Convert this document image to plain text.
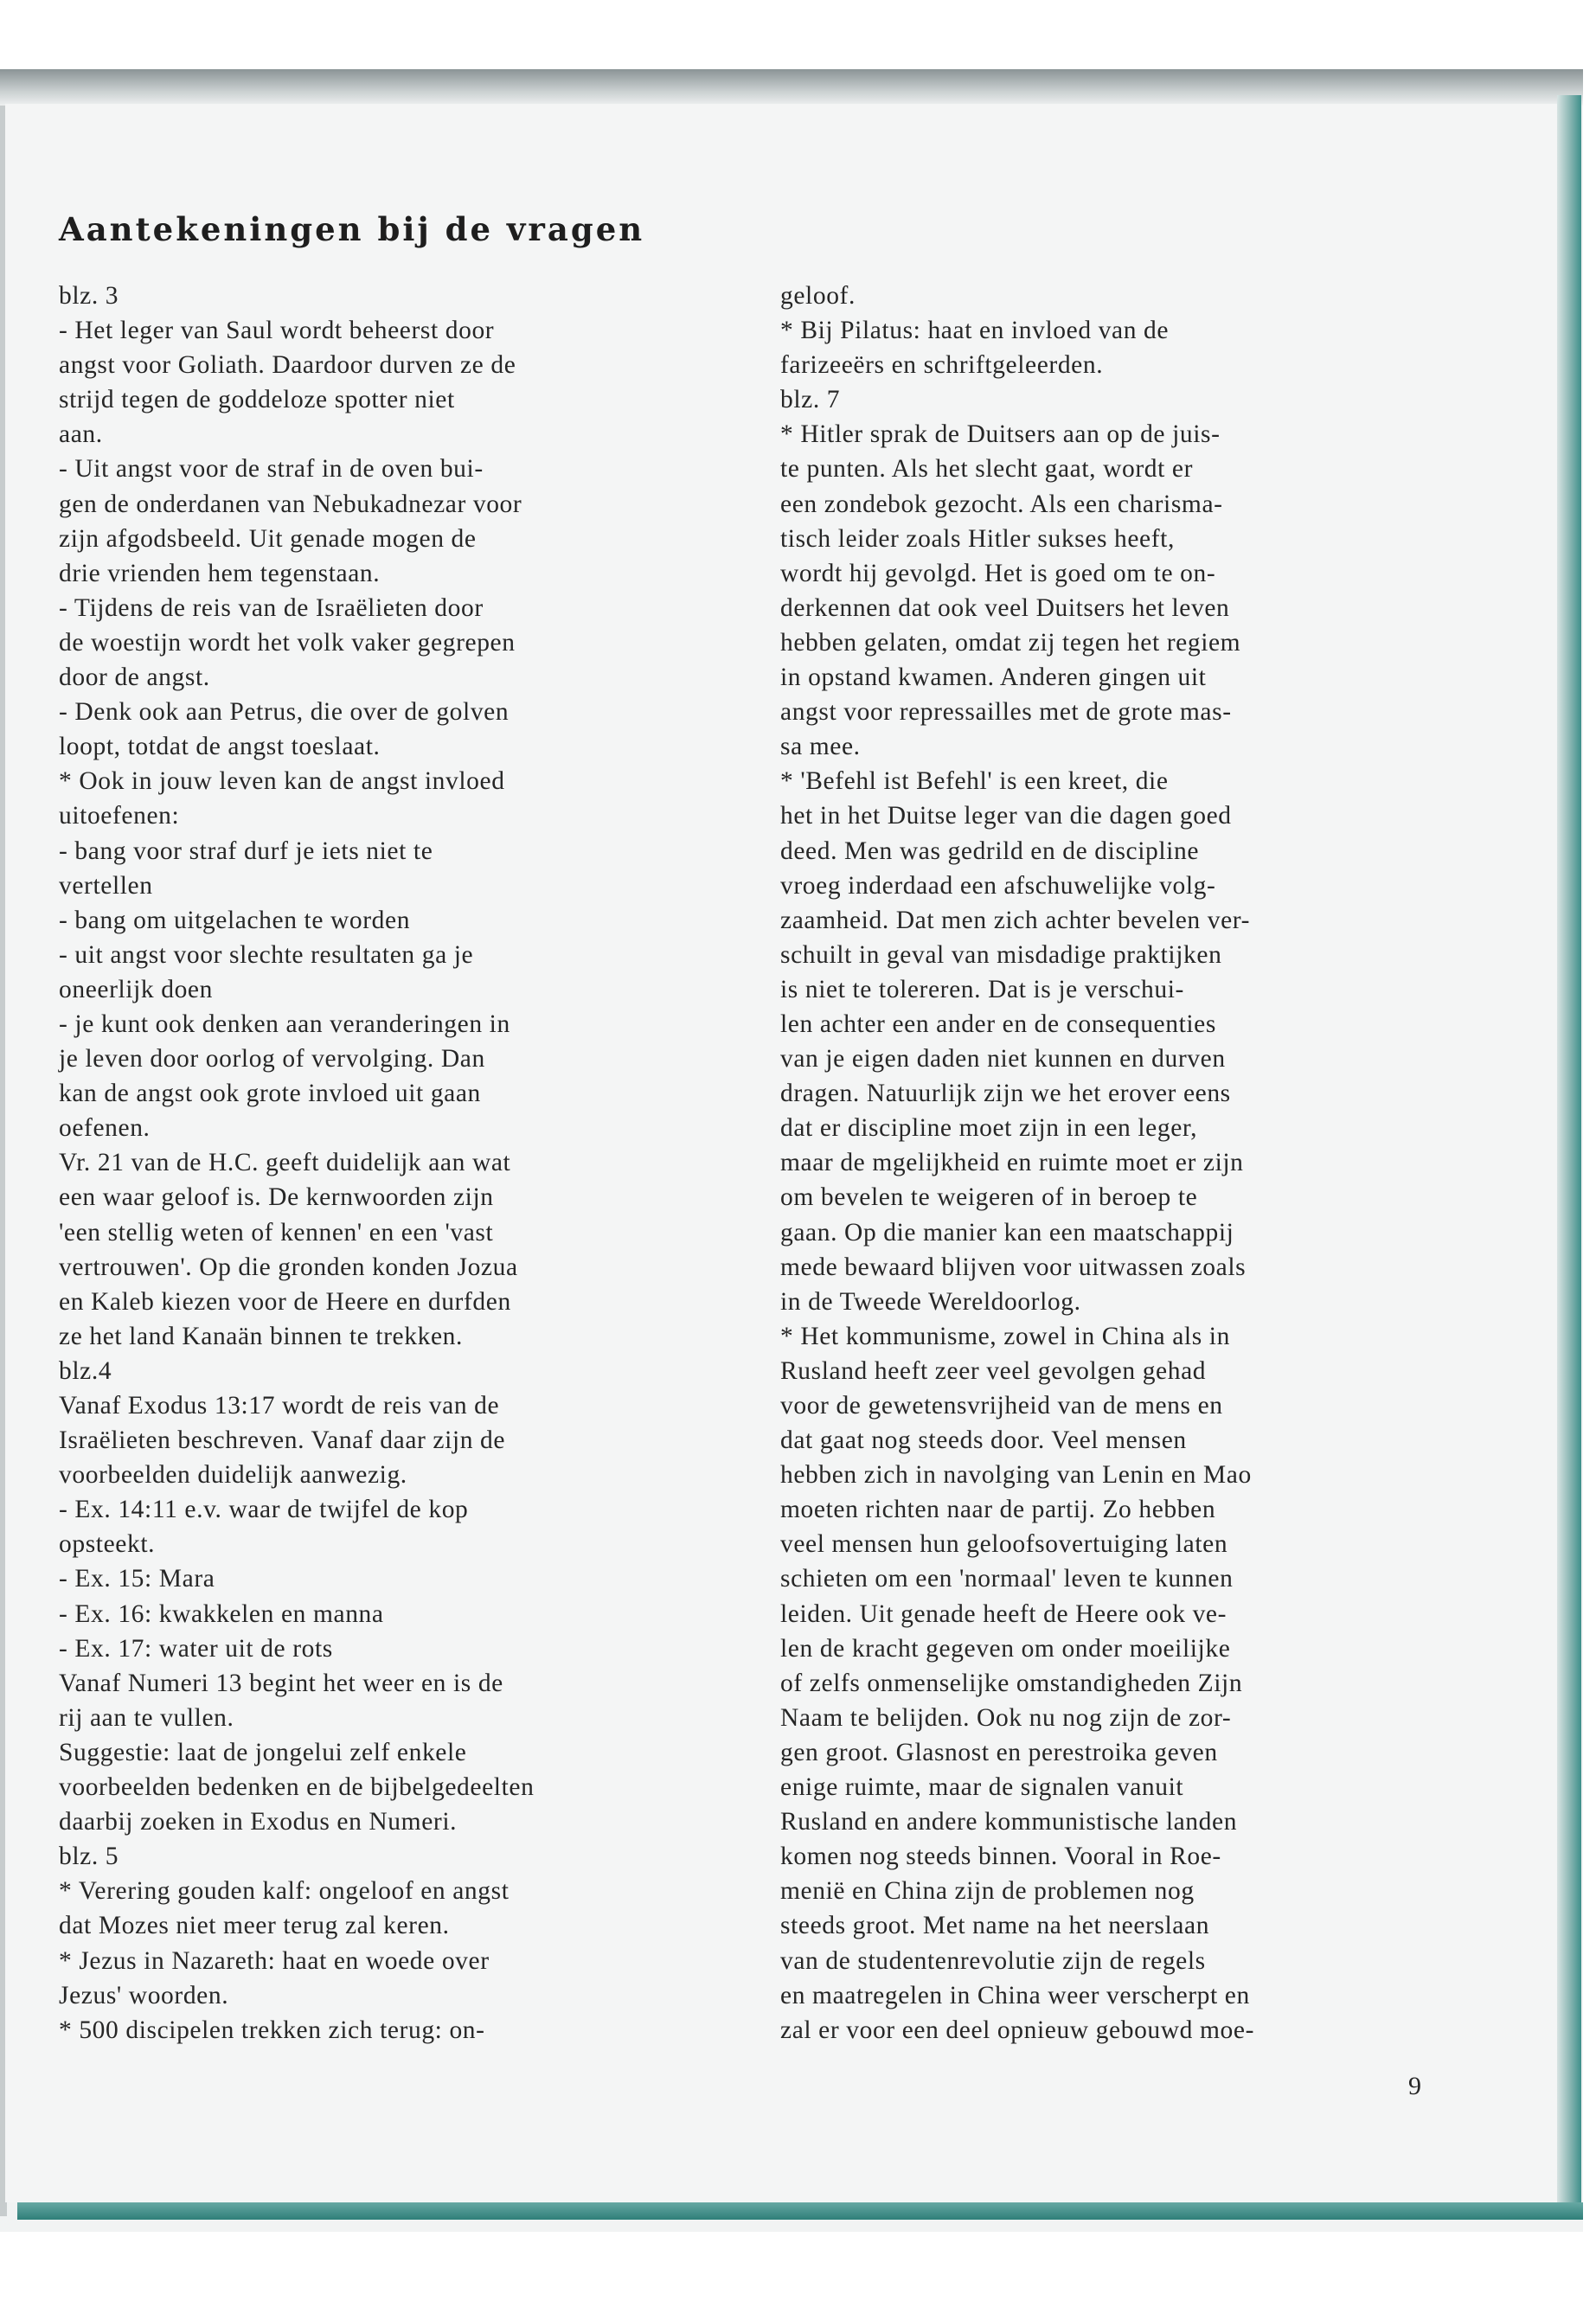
Aantekeningen bij de vragen
blz. 3
- Het leger van Saul wordt beheerst door
angst voor Goliath. Daardoor durven ze de
strijd tegen de goddeloze spotter niet
aan.
- Uit angst voor de straf in de oven bui-
gen de onderdanen van Nebukadnezar voor
zijn afgodsbeeld. Uit genade mogen de
drie vrienden hem tegenstaan.
- Tijdens de reis van de Israëlieten door
de woestijn wordt het volk vaker gegrepen
door de angst.
- Denk ook aan Petrus, die over de golven
loopt, totdat de angst toeslaat.
* Ook in jouw leven kan de angst invloed
uitoefenen:
- bang voor straf durf je iets niet te
vertellen
- bang om uitgelachen te worden
- uit angst voor slechte resultaten ga je
oneerlijk doen
- je kunt ook denken aan veranderingen in
je leven door oorlog of vervolging. Dan
kan de angst ook grote invloed uit gaan
oefenen.
Vr. 21 van de H.C. geeft duidelijk aan wat
een waar geloof is. De kernwoorden zijn
'een stellig weten of kennen' en een 'vast
vertrouwen'. Op die gronden konden Jozua
en Kaleb kiezen voor de Heere en durfden
ze het land Kanaän binnen te trekken.
blz.4
Vanaf Exodus 13:17 wordt de reis van de
Israëlieten beschreven. Vanaf daar zijn de
voorbeelden duidelijk aanwezig.
- Ex. 14:11 e.v. waar de twijfel de kop
opsteekt.
- Ex. 15: Mara
- Ex. 16: kwakkelen en manna
- Ex. 17: water uit de rots
Vanaf Numeri 13 begint het weer en is de
rij aan te vullen.
Suggestie: laat de jongelui zelf enkele
voorbeelden bedenken en de bijbelgedeelten
daarbij zoeken in Exodus en Numeri.
blz. 5
* Verering gouden kalf: ongeloof en angst
dat Mozes niet meer terug zal keren.
* Jezus in Nazareth: haat en woede over
Jezus' woorden.
* 500 discipelen trekken zich terug: on-
geloof.
* Bij Pilatus: haat en invloed van de
farizeeërs en schriftgeleerden.
blz. 7
* Hitler sprak de Duitsers aan op de juis-
te punten. Als het slecht gaat, wordt er
een zondebok gezocht. Als een charisma-
tisch leider zoals Hitler sukses heeft,
wordt hij gevolgd. Het is goed om te on-
derkennen dat ook veel Duitsers het leven
hebben gelaten, omdat zij tegen het regiem
in opstand kwamen. Anderen gingen uit
angst voor repressailles met de grote mas-
sa mee.
* 'Befehl ist Befehl' is een kreet, die
het in het Duitse leger van die dagen goed
deed. Men was gedrild en de discipline
vroeg inderdaad een afschuwelijke volg-
zaamheid. Dat men zich achter bevelen ver-
schuilt in geval van misdadige praktijken
is niet te tolereren. Dat is je verschui-
len achter een ander en de consequenties
van je eigen daden niet kunnen en durven
dragen. Natuurlijk zijn we het erover eens
dat er discipline moet zijn in een leger,
maar de mgelijkheid en ruimte moet er zijn
om bevelen te weigeren of in beroep te
gaan. Op die manier kan een maatschappij
mede bewaard blijven voor uitwassen zoals
in de Tweede Wereldoorlog.
* Het kommunisme, zowel in China als in
Rusland heeft zeer veel gevolgen gehad
voor de gewetensvrijheid van de mens en
dat gaat nog steeds door. Veel mensen
hebben zich in navolging van Lenin en Mao
moeten richten naar de partij. Zo hebben
veel mensen hun geloofsovertuiging laten
schieten om een 'normaal' leven te kunnen
leiden. Uit genade heeft de Heere ook ve-
len de kracht gegeven om onder moeilijke
of zelfs onmenselijke omstandigheden Zijn
Naam te belijden. Ook nu nog zijn de zor-
gen groot. Glasnost en perestroika geven
enige ruimte, maar de signalen vanuit
Rusland en andere kommunistische landen
komen nog steeds binnen. Vooral in Roe-
menië en China zijn de problemen nog
steeds groot. Met name na het neerslaan
van de studentenrevolutie zijn de regels
en maatregelen in China weer verscherpt en
zal er voor een deel opnieuw gebouwd moe-
9
